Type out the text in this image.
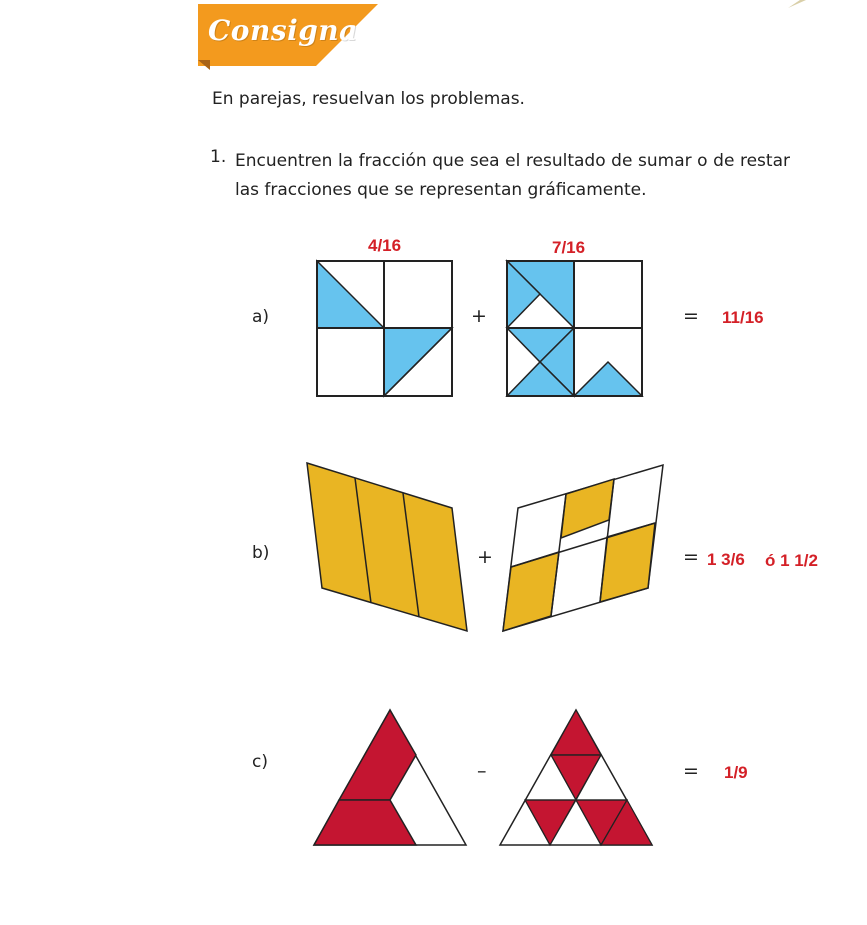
Consigna
En parejas, resuelvan los problemas.
1. Encuentren la fracción que sea el resultado de sumar o de restar las fracciones que se representan gráficamente.
a)
4/16	7/16
+	= 11/16
b)	+	= 1 3/6 ó 1 1/2
c)	–	= 1/9
